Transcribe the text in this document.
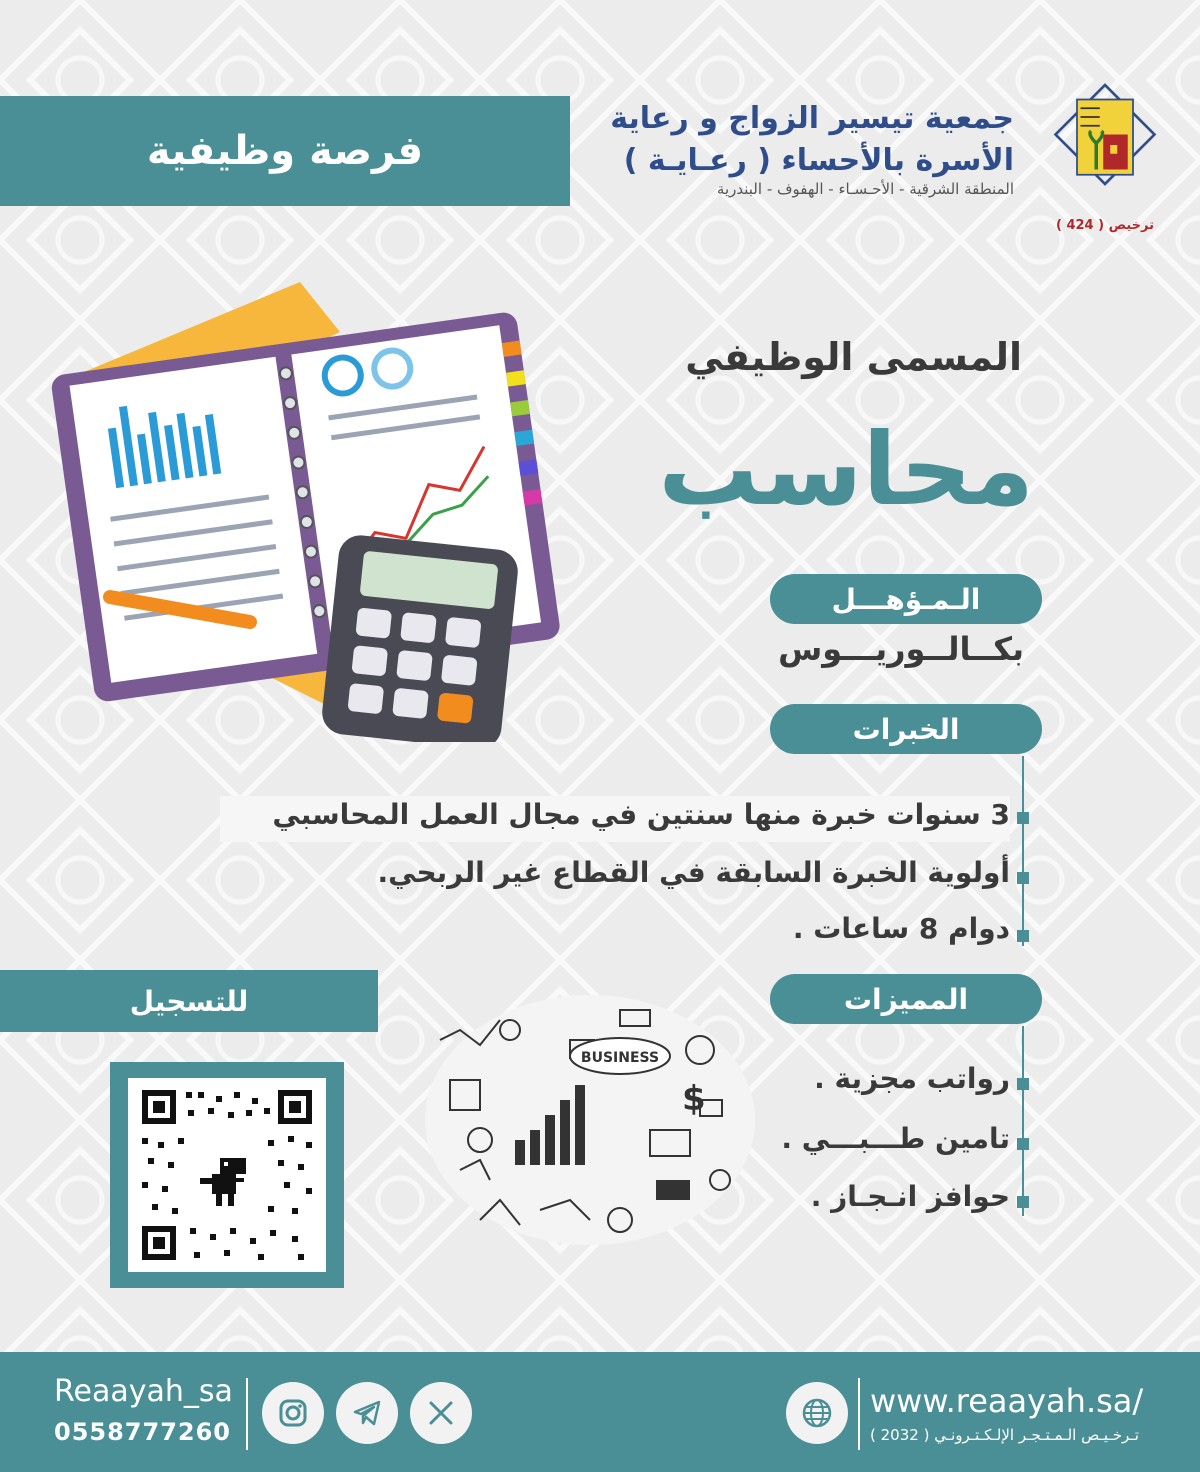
فرصة وظيفية
جمعية تيسير الزواج و رعاية
الأسرة بالأحساء ( رعـايـة )
المنطقة الشرقية - الأحـسـاء - الهفوف - البندرية
ترخيص ( 424 )
المسمى الوظيفي
محاسب
الـمـؤهـــل
بكــالــوريـــوس
الخبرات
3 سنوات خبرة منها سنتين في مجال العمل المحاسبي
أولوية الخبرة السابقة في القطاع غير الربحي.
دوام 8 ساعات .
المميزات
رواتب مجزية .
تامين طـــبـــي .
حوافز انـجـاز .
للتسجيل
BUSINESS
$
Reaayah_sa
0558777260
www.reaayah.sa/
تـرخـيـص الـمـتـجـر الإلـكـتـرونـي ( 2032 )
